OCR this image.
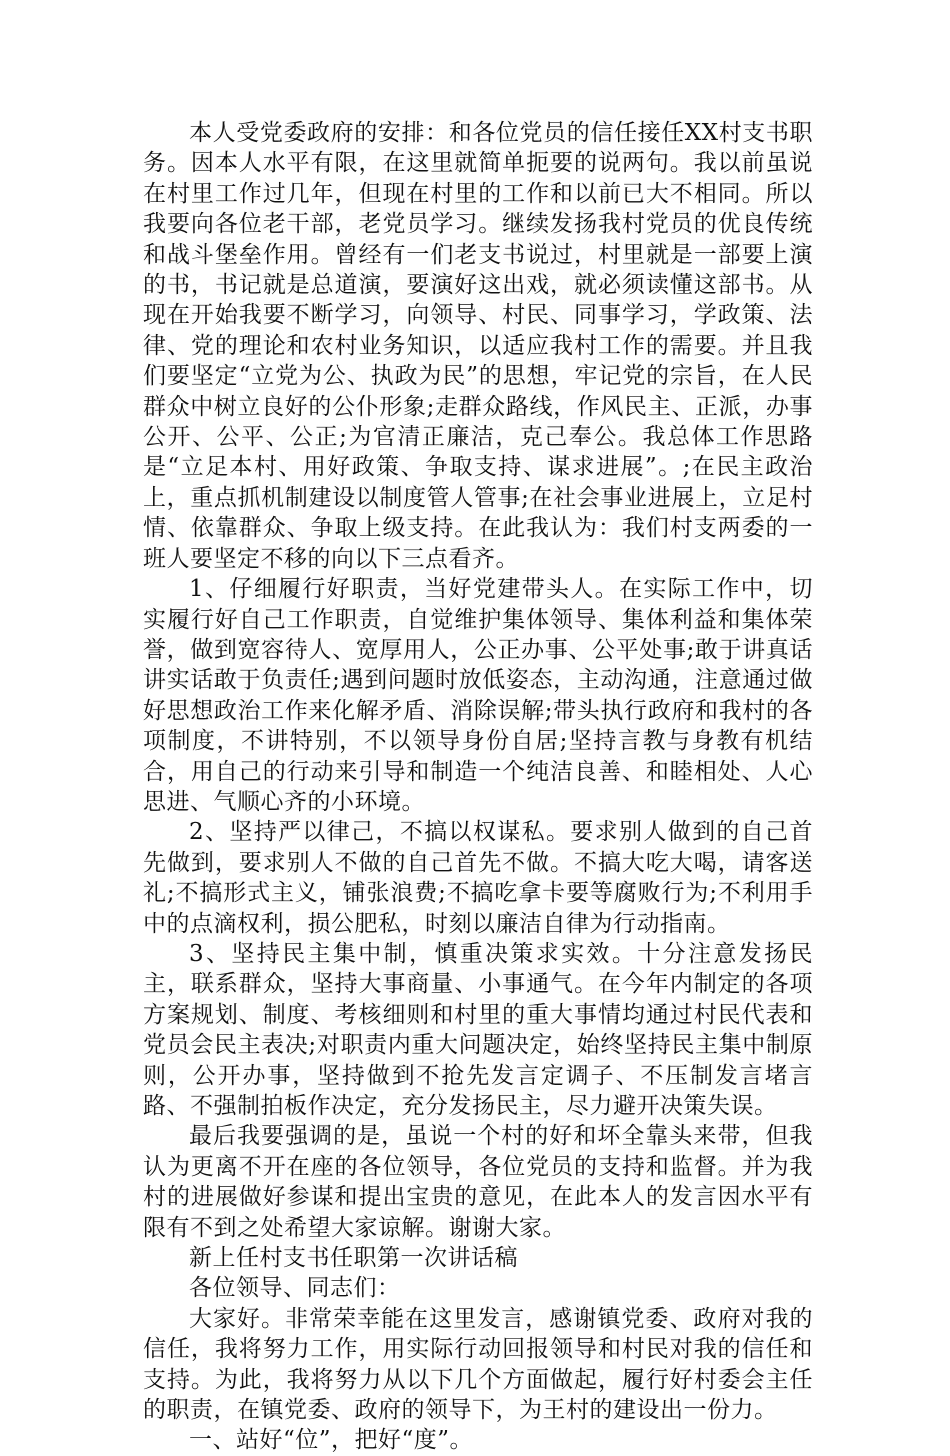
本人受党委政府的安排：和各位党员的信任接任XX村支书职务。因本人水平有限，在这里就简单扼要的说两句。我以前虽说在村里工作过几年，但现在村里的工作和以前已大不相同。所以我要向各位老干部，老党员学习。继续发扬我村党员的优良传统和战斗堡垒作用。曾经有一们老支书说过，村里就是一部要上演的书，书记就是总道演，要演好这出戏，就必须读懂这部书。从现在开始我要不断学习，向领导、村民、同事学习，学政策、法律、党的理论和农村业务知识，以适应我村工作的需要。并且我们要坚定“立党为公、执政为民”的思想，牢记党的宗旨，在人民群众中树立良好的公仆形象;走群众路线，作风民主、正派，办事公开、公平、公正;为官清正廉洁，克己奉公。我总体工作思路是“立足本村、用好政策、争取支持、谋求进展”。;在民主政治上，重点抓机制建设以制度管人管事;在社会事业进展上，立足村情、依靠群众、争取上级支持。在此我认为：我们村支两委的一班人要坚定不移的向以下三点看齐。

1、仔细履行好职责，当好党建带头人。在实际工作中，切实履行好自己工作职责，自觉维护集体领导、集体利益和集体荣誉，做到宽容待人、宽厚用人，公正办事、公平处事;敢于讲真话讲实话敢于负责任;遇到问题时放低姿态，主动沟通，注意通过做好思想政治工作来化解矛盾、消除误解;带头执行政府和我村的各项制度，不讲特别，不以领导身份自居;坚持言教与身教有机结合，用自己的行动来引导和制造一个纯洁良善、和睦相处、人心思进、气顺心齐的小环境。

2、坚持严以律己，不搞以权谋私。要求别人做到的自己首先做到，要求别人不做的自己首先不做。不搞大吃大喝，请客送礼;不搞形式主义，铺张浪费;不搞吃拿卡要等腐败行为;不利用手中的点滴权利，损公肥私，时刻以廉洁自律为行动指南。

3、坚持民主集中制，慎重决策求实效。十分注意发扬民主，联系群众，坚持大事商量、小事通气。在今年内制定的各项方案规划、制度、考核细则和村里的重大事情均通过村民代表和党员会民主表决;对职责内重大问题决定，始终坚持民主集中制原则，公开办事，坚持做到不抢先发言定调子、不压制发言堵言路、不强制拍板作决定，充分发扬民主，尽力避开决策失误。

最后我要强调的是，虽说一个村的好和坏全靠头来带，但我认为更离不开在座的各位领导，各位党员的支持和监督。并为我村的进展做好参谋和提出宝贵的意见，在此本人的发言因水平有限有不到之处希望大家谅解。谢谢大家。

新上任村支书任职第一次讲话稿

各位领导、同志们：

大家好。非常荣幸能在这里发言，感谢镇党委、政府对我的信任，我将努力工作，用实际行动回报领导和村民对我的信任和支持。为此，我将努力从以下几个方面做起，履行好村委会主任的职责，在镇党委、政府的领导下，为王村的建设出一份力。

一、站好“位”，把好“度”。
